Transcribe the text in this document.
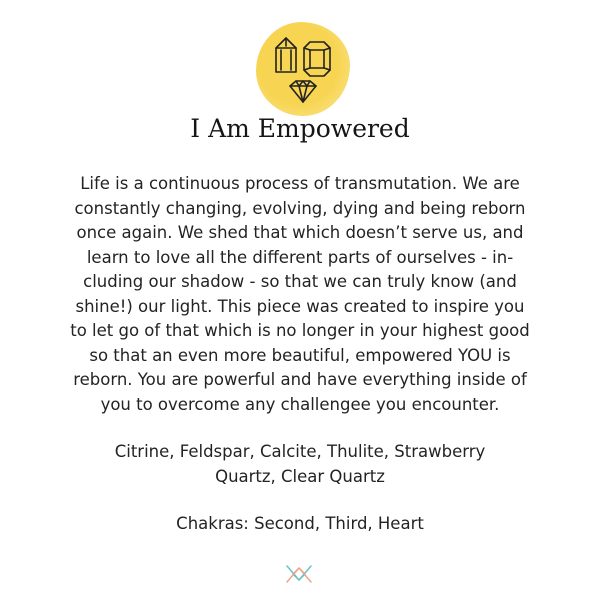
I Am Empowered
Life is a continuous process of transmutation. We are
constantly changing, evolving, dying and being reborn
once again. We shed that which doesn’t serve us, and
learn to love all the different parts of ourselves - in-
cluding our shadow - so that we can truly know (and
shine!) our light. This piece was created to inspire you
to let go of that which is no longer in your highest good
so that an even more beautiful, empowered YOU is
reborn. You are powerful and have everything inside of
you to overcome any challengee you encounter.
Citrine, Feldspar, Calcite, Thulite, Strawberry
Quartz, Clear Quartz
Chakras: Second, Third, Heart
